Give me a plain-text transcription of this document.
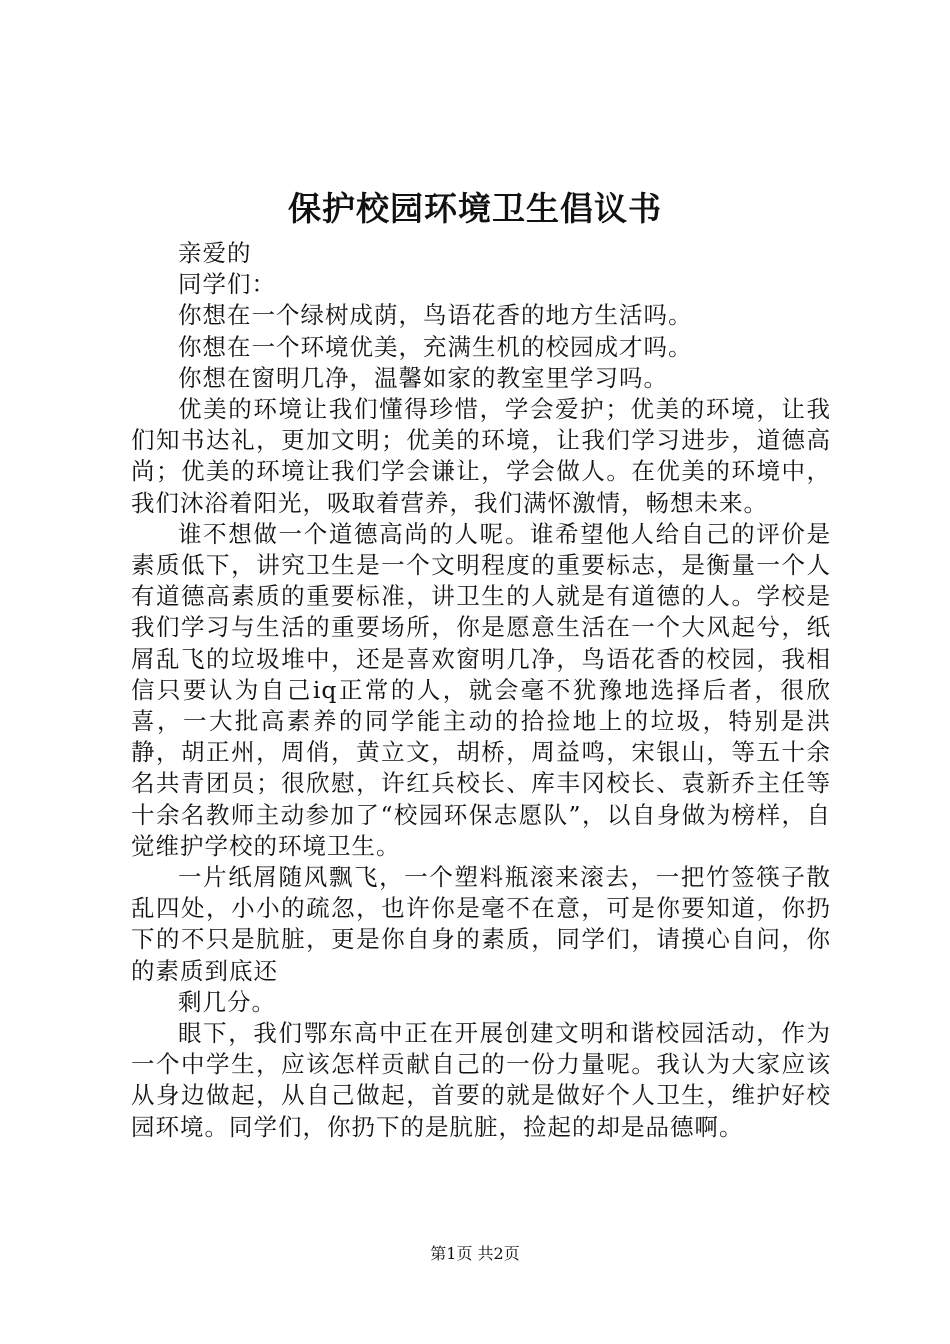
保护校园环境卫生倡议书

亲爱的

同学们：

你想在一个绿树成荫，鸟语花香的地方生活吗。

你想在一个环境优美，充满生机的校园成才吗。

你想在窗明几净，温馨如家的教室里学习吗。

优美的环境让我们懂得珍惜，学会爱护；优美的环境，让我们知书达礼，更加文明；优美的环境，让我们学习进步，道德高尚；优美的环境让我们学会谦让，学会做人。在优美的环境中，我们沐浴着阳光，吸取着营养，我们满怀激情，畅想未来。

谁不想做一个道德高尚的人呢。谁希望他人给自己的评价是素质低下，讲究卫生是一个文明程度的重要标志，是衡量一个人有道德高素质的重要标准，讲卫生的人就是有道德的人。学校是我们学习与生活的重要场所，你是愿意生活在一个大风起兮，纸屑乱飞的垃圾堆中，还是喜欢窗明几净，鸟语花香的校园，我相信只要认为自己iq正常的人，就会毫不犹豫地选择后者，很欣喜，一大批高素养的同学能主动的拾捡地上的垃圾，特别是洪静，胡正州，周俏，黄立文，胡桥，周益鸣，宋银山，等五十余名共青团员；很欣慰，许红兵校长、库丰冈校长、袁新乔主任等十余名教师主动参加了“校园环保志愿队”，以自身做为榜样，自觉维护学校的环境卫生。

一片纸屑随风飘飞，一个塑料瓶滚来滚去，一把竹签筷子散乱四处，小小的疏忽，也许你是毫不在意，可是你要知道，你扔下的不只是肮脏，更是你自身的素质，同学们，请摸心自问，你的素质到底还

剩几分。

眼下，我们鄂东高中正在开展创建文明和谐校园活动，作为一个中学生，应该怎样贡献自己的一份力量呢。我认为大家应该从身边做起，从自己做起，首要的就是做好个人卫生，维护好校园环境。同学们，你扔下的是肮脏，捡起的却是品德啊。

第1页 共2页
